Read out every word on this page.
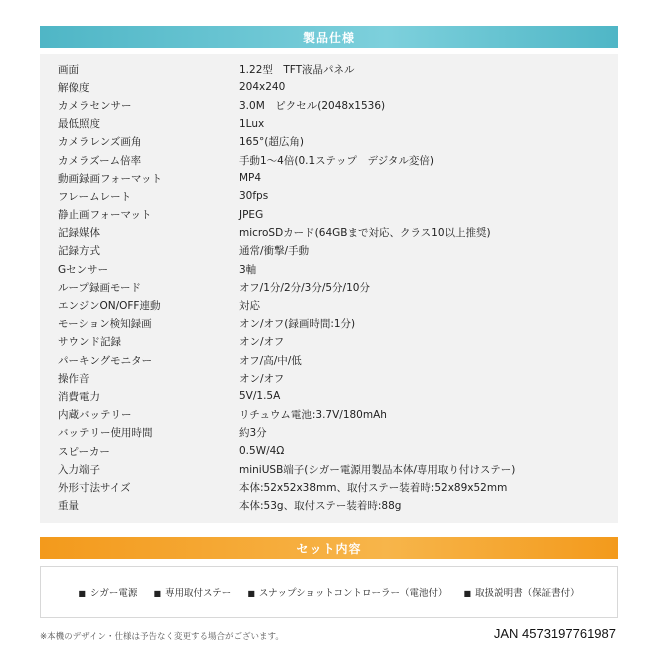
製品仕様
画面	1.22型　TFT液晶パネル
解像度	204x240
カメラセンサー	3.0M　ピクセル(2048x1536)
最低照度	1Lux
カメラレンズ画角	165°(超広角)
カメラズーム倍率	手動1～4倍(0.1ステップ　デジタル変倍)
動画録画フォーマット	MP4
フレームレート	30fps
静止画フォーマット	JPEG
記録媒体	microSDカード(64GBまで対応、クラス10以上推奨)
記録方式	通常/衝撃/手動
Gセンサー	3軸
ループ録画モード	オフ/1分/2分/3分/5分/10分
エンジンON/OFF連動	対応
モーション検知録画	オン/オフ(録画時間:1分)
サウンド記録	オン/オフ
パーキングモニター	オフ/高/中/低
操作音	オン/オフ
消費電力	5V/1.5A
内蔵バッテリー	リチュウム電池:3.7V/180mAh
バッテリー使用時間	約3分
スピーカー	0.5W/4Ω
入力端子	miniUSB端子(シガー電源用製品本体/専用取り付けステー)
外形寸法サイズ	本体:52x52x38mm、取付ステー装着時:52x89x52mm
重量	本体:53g、取付ステー装着時:88g
セット内容
■ シガー電源 ■ 専用取付ステー ■ スナップショットコントローラー（電池付） ■ 取扱説明書（保証書付）
※本機のデザイン・仕様は予告なく変更する場合がございます。	JAN 4573197761987
